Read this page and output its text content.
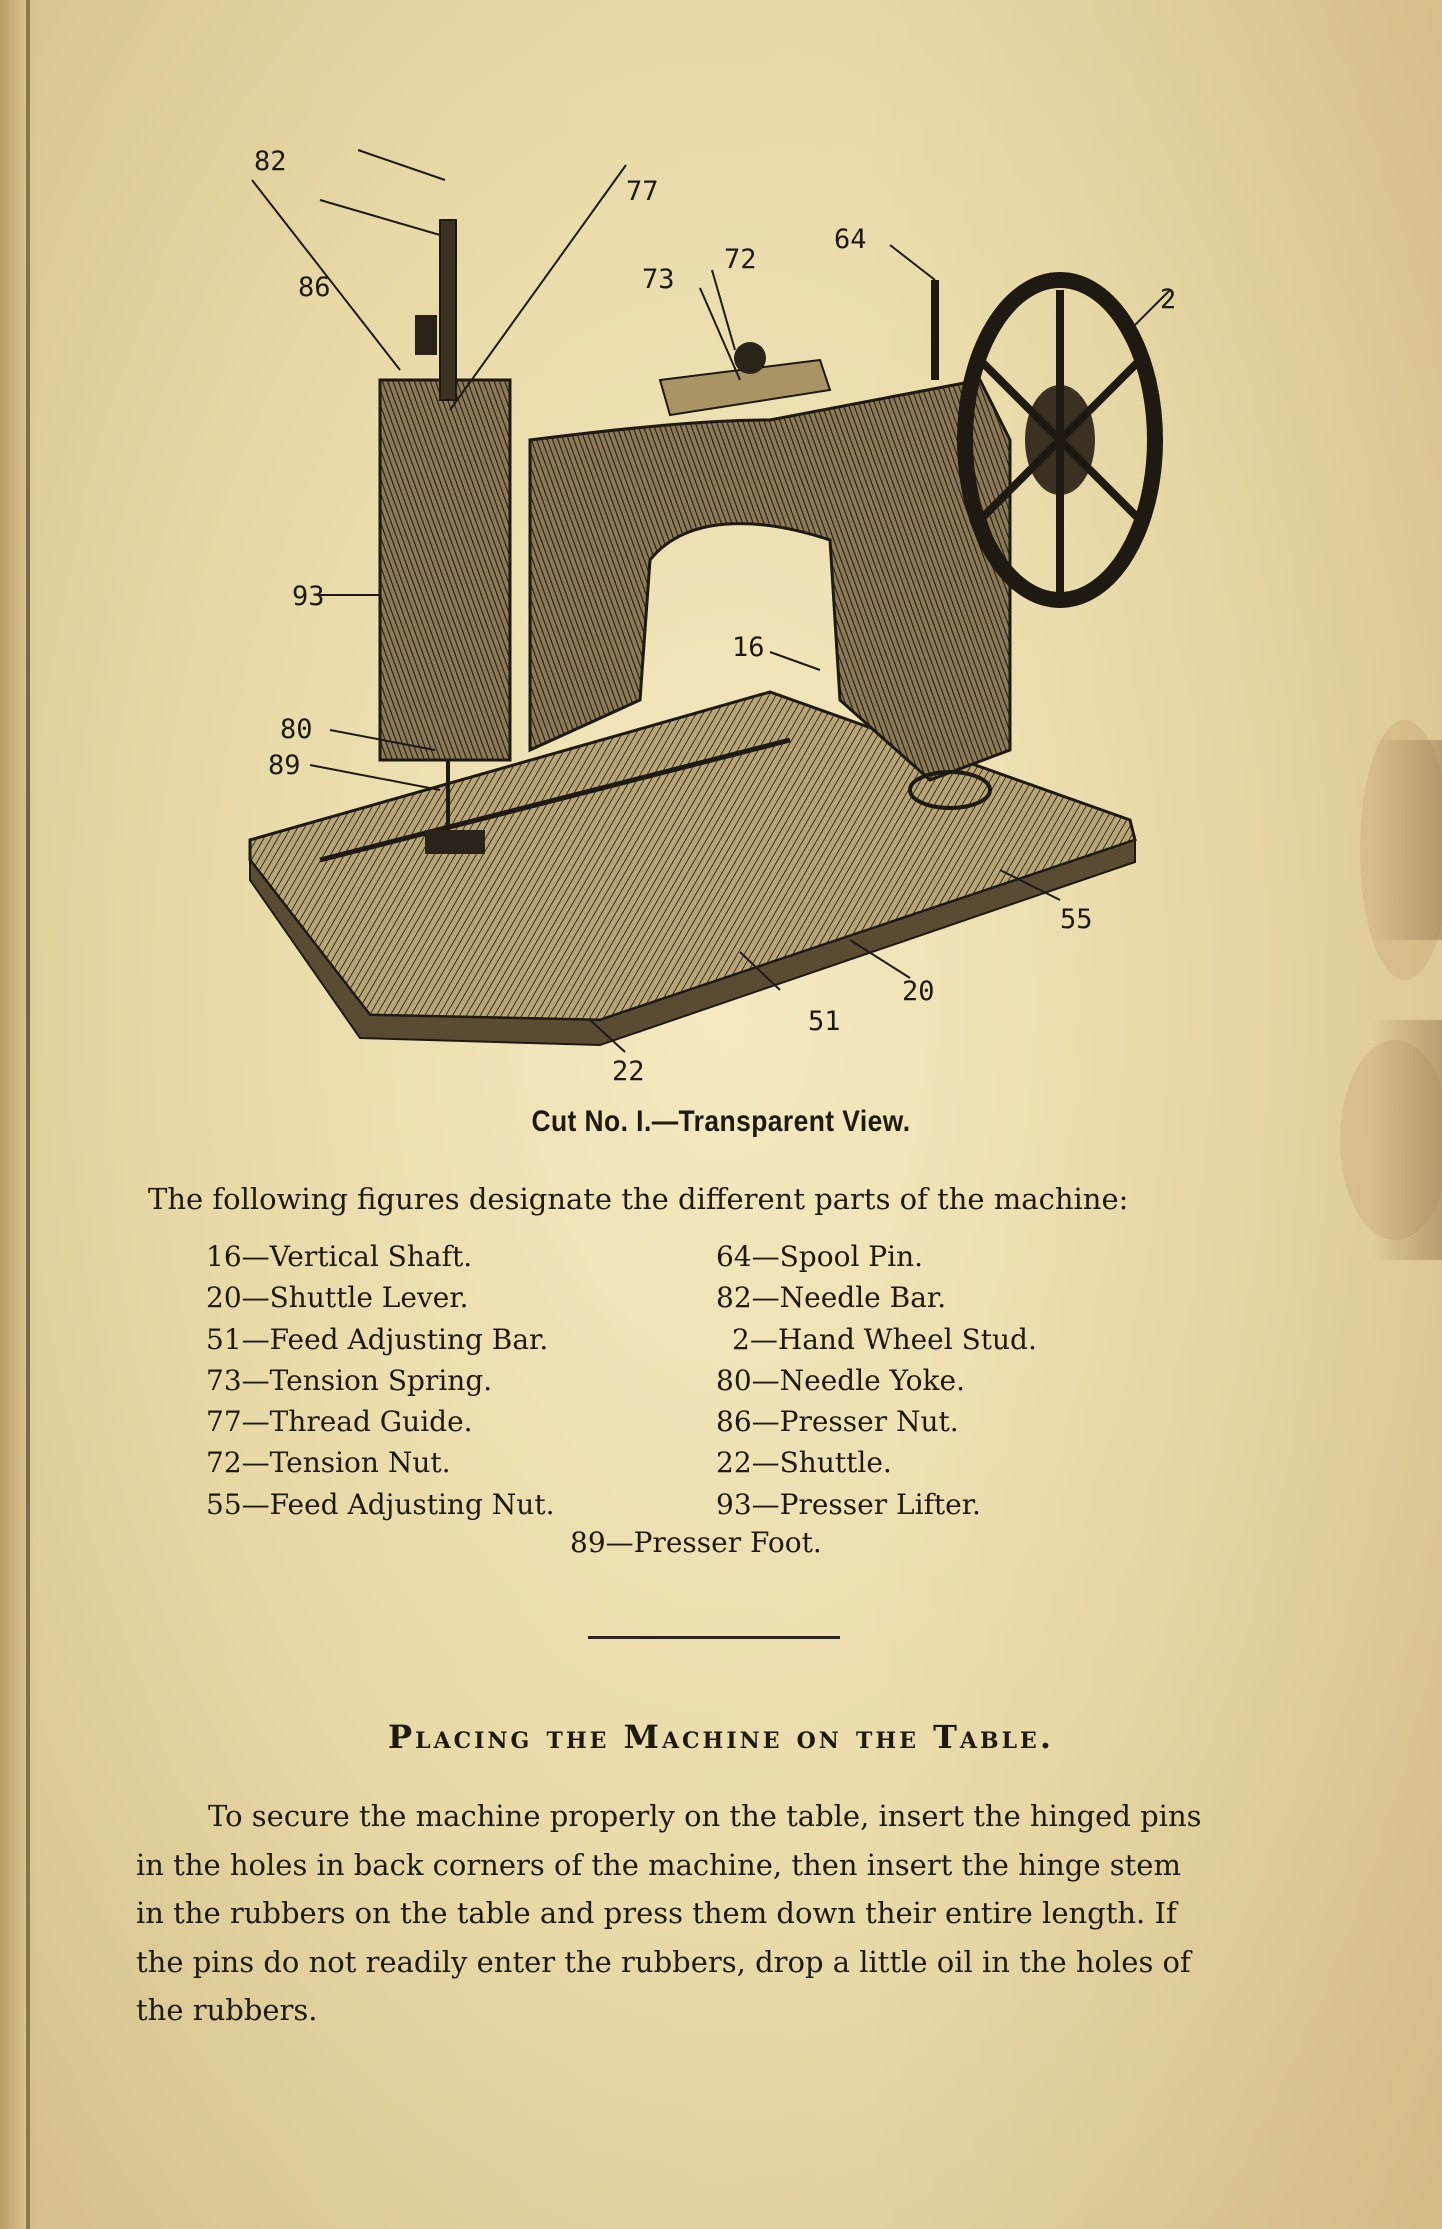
82
77
64
73
72
2
86
93
16
80
89
55
20
51
22
Cut No. I.—Transparent View.
The following figures designate the different parts of the machine:
16—Vertical Shaft.
20—Shuttle Lever.
51—Feed Adjusting Bar.
73—Tension Spring.
77—Thread Guide.
72—Tension Nut.
55—Feed Adjusting Nut.
64—Spool Pin.
82—Needle Bar.
2—Hand Wheel Stud.
80—Needle Yoke.
86—Presser Nut.
22—Shuttle.
93—Presser Lifter.
89—Presser Foot.
Placing the Machine on the Table.
To secure the machine properly on the table, insert the hinged pins
in the holes in back corners of the machine, then insert the hinge stem
in the rubbers on the table and press them down their entire length. If
the pins do not readily enter the rubbers, drop a little oil in the holes of
the rubbers.
